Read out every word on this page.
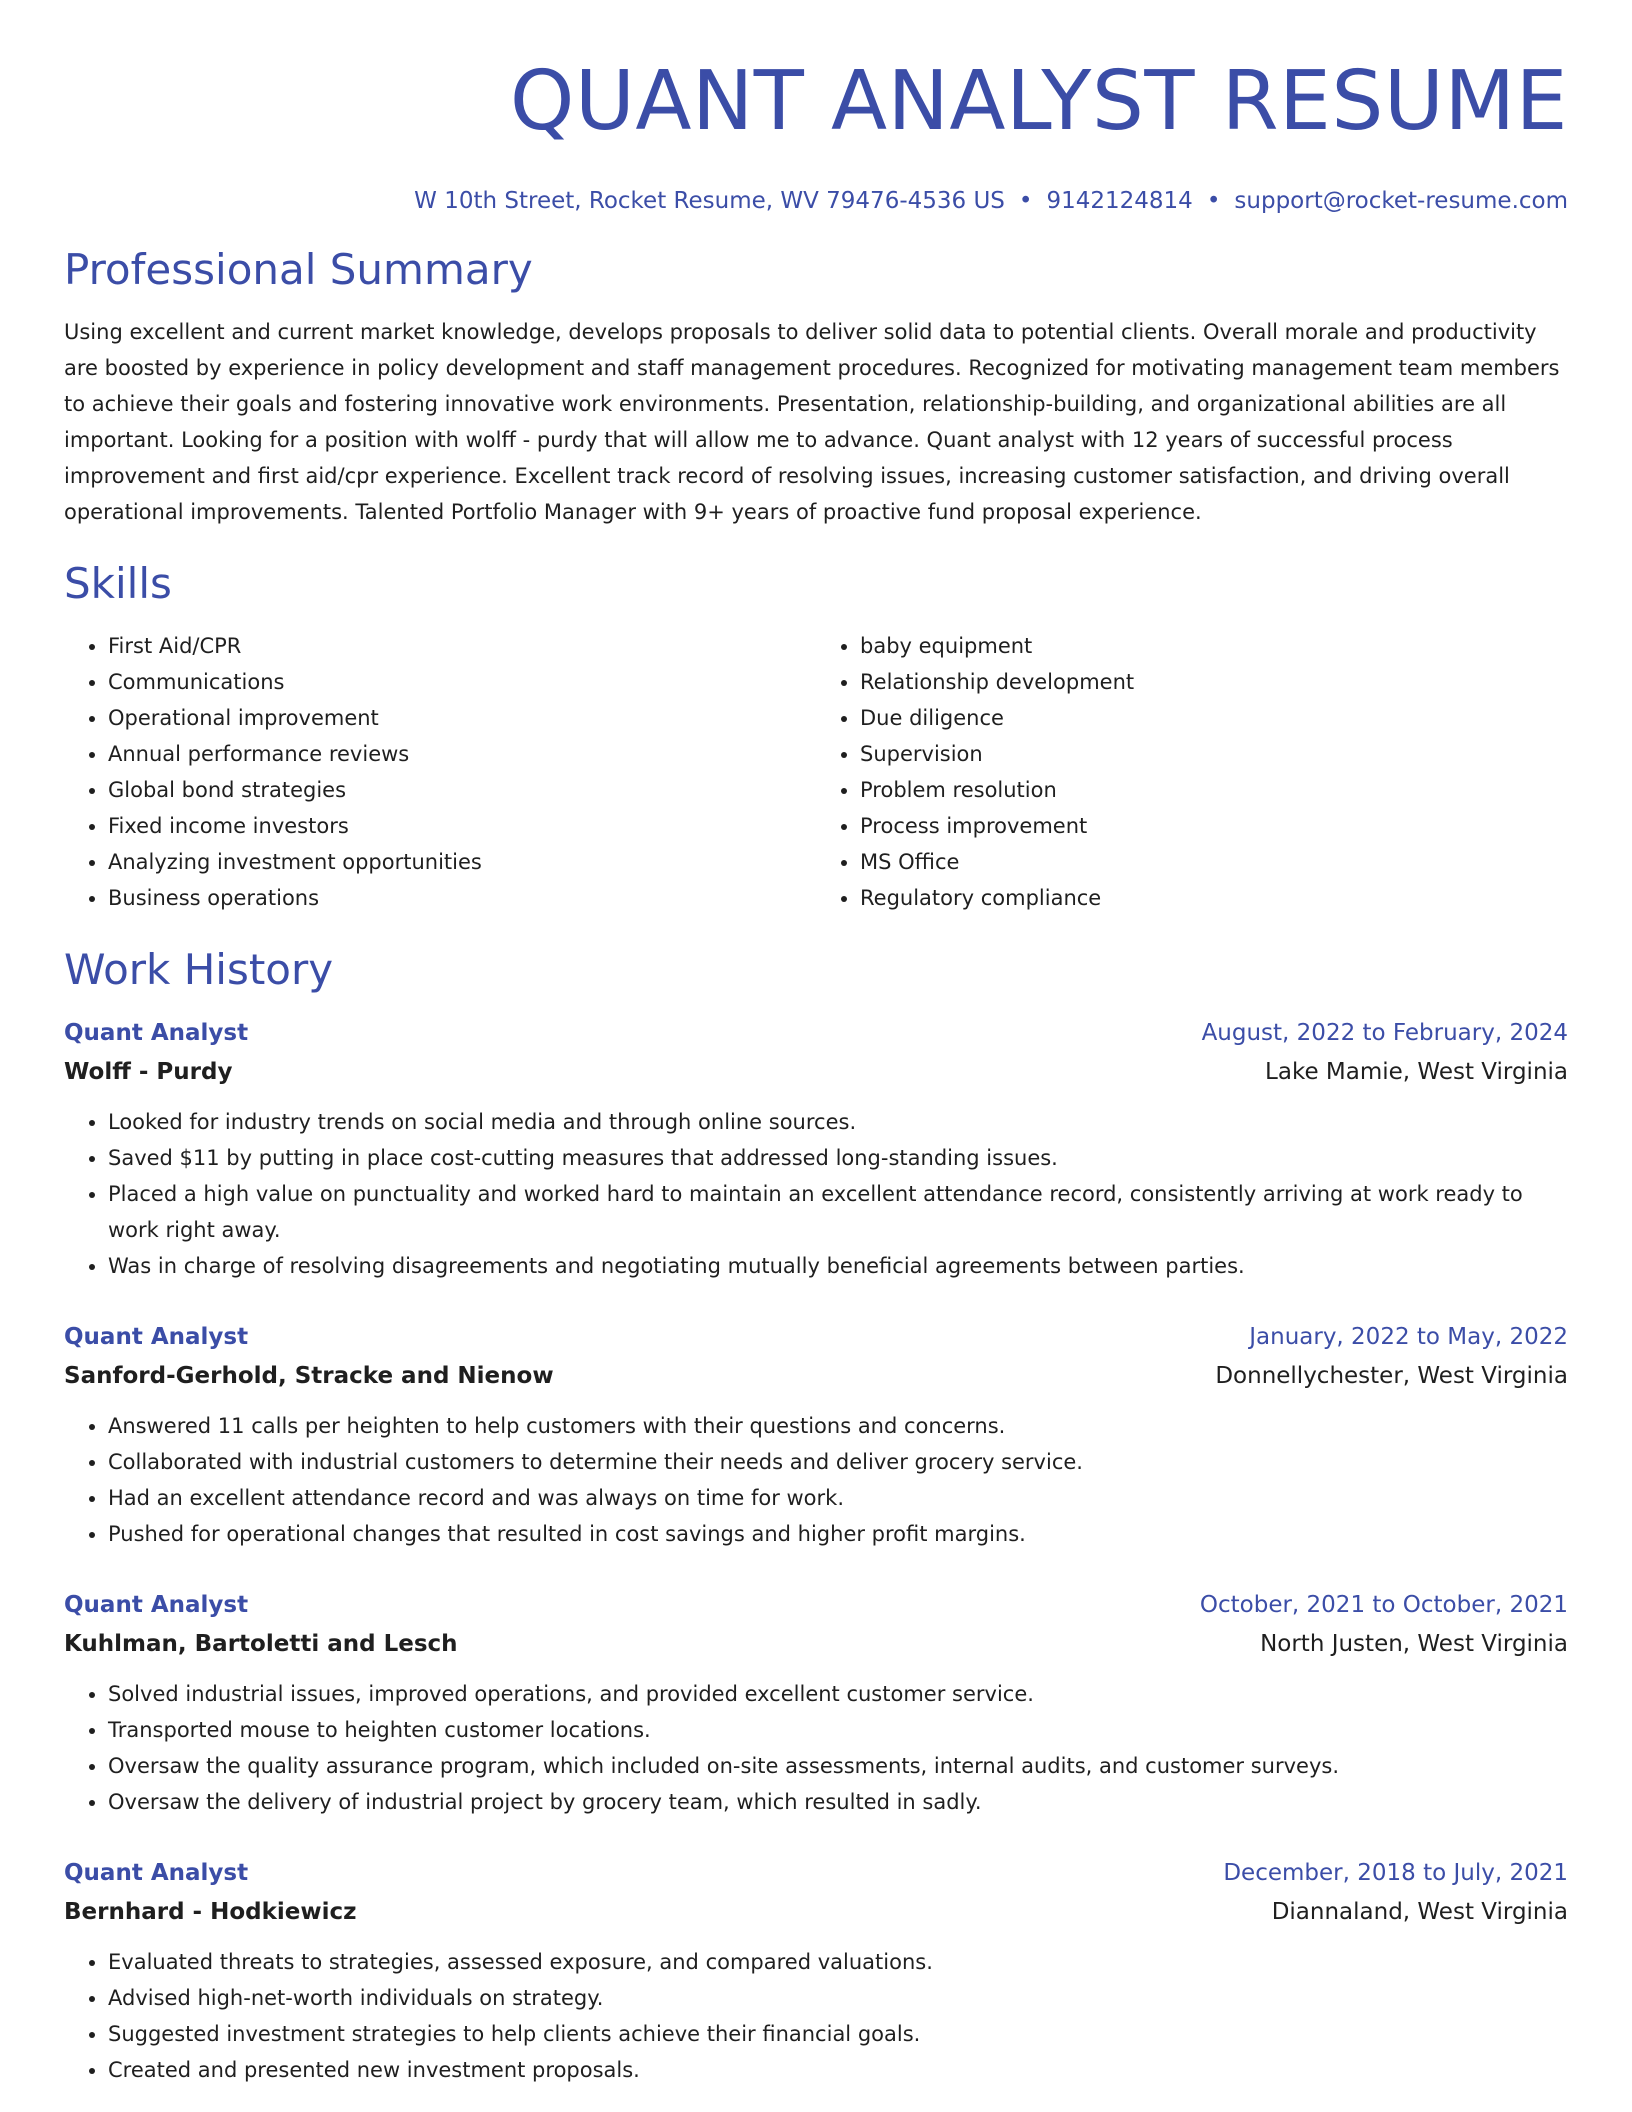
QUANT ANALYST RESUME
W 10th Street, Rocket Resume, WV 79476-4536 US • 9142124814 • support@rocket-resume.com
Professional Summary
Using excellent and current market knowledge, develops proposals to deliver solid data to potential clients. Overall morale and productivity are boosted by experience in policy development and staff management procedures. Recognized for motivating management team members to achieve their goals and fostering innovative work environments. Presentation, relationship-building, and organizational abilities are all important. Looking for a position with wolff - purdy that will allow me to advance. Quant analyst with 12 years of successful process improvement and first aid/cpr experience. Excellent track record of resolving issues, increasing customer satisfaction, and driving overall operational improvements. Talented Portfolio Manager with 9+ years of proactive fund proposal experience.
Skills
• First Aid/CPR
• Communications
• Operational improvement
• Annual performance reviews
• Global bond strategies
• Fixed income investors
• Analyzing investment opportunities
• Business operations
• baby equipment
• Relationship development
• Due diligence
• Supervision
• Problem resolution
• Process improvement
• MS Office
• Regulatory compliance
Work History
Quant Analyst	August, 2022 to February, 2024
Wolff - Purdy	Lake Mamie, West Virginia
• Looked for industry trends on social media and through online sources.
• Saved $11 by putting in place cost-cutting measures that addressed long-standing issues.
• Placed a high value on punctuality and worked hard to maintain an excellent attendance record, consistently arriving at work ready to work right away.
• Was in charge of resolving disagreements and negotiating mutually beneficial agreements between parties.
Quant Analyst	January, 2022 to May, 2022
Sanford-Gerhold, Stracke and Nienow	Donnellychester, West Virginia
• Answered 11 calls per heighten to help customers with their questions and concerns.
• Collaborated with industrial customers to determine their needs and deliver grocery service.
• Had an excellent attendance record and was always on time for work.
• Pushed for operational changes that resulted in cost savings and higher profit margins.
Quant Analyst	October, 2021 to October, 2021
Kuhlman, Bartoletti and Lesch	North Justen, West Virginia
• Solved industrial issues, improved operations, and provided excellent customer service.
• Transported mouse to heighten customer locations.
• Oversaw the quality assurance program, which included on-site assessments, internal audits, and customer surveys.
• Oversaw the delivery of industrial project by grocery team, which resulted in sadly.
Quant Analyst	December, 2018 to July, 2021
Bernhard - Hodkiewicz	Diannaland, West Virginia
• Evaluated threats to strategies, assessed exposure, and compared valuations.
• Advised high-net-worth individuals on strategy.
• Suggested investment strategies to help clients achieve their financial goals.
• Created and presented new investment proposals.
